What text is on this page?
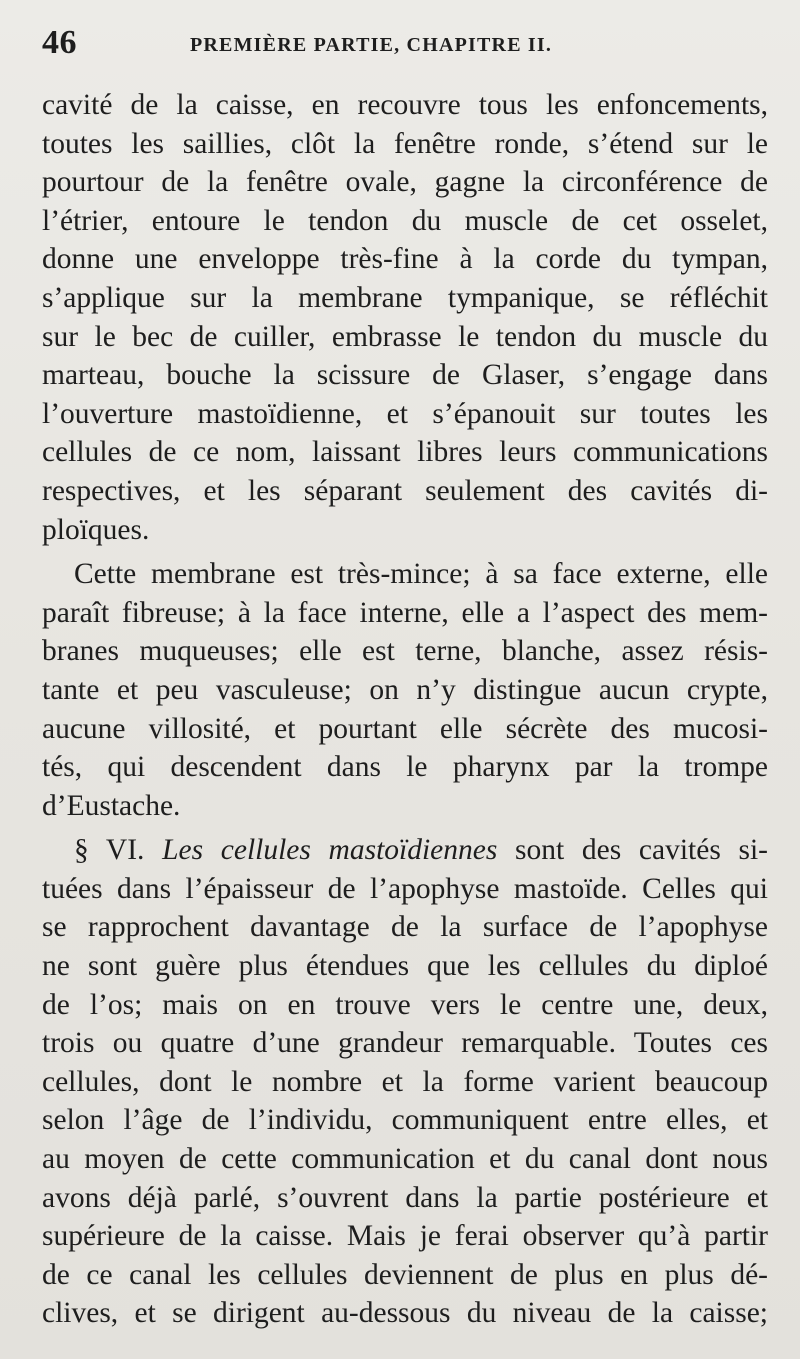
46	PREMIÈRE PARTIE, CHAPITRE II.
cavité de la caisse, en recouvre tous les enfoncements,
toutes les saillies, clôt la fenêtre ronde, s’étend sur le
pourtour de la fenêtre ovale, gagne la circonférence de
l’étrier, entoure le tendon du muscle de cet osselet,
donne une enveloppe très-fine à la corde du tympan,
s’applique sur la membrane tympanique, se réfléchit
sur le bec de cuiller, embrasse le tendon du muscle du
marteau, bouche la scissure de Glaser, s’engage dans
l’ouverture mastoïdienne, et s’épanouit sur toutes les
cellules de ce nom, laissant libres leurs communications
respectives, et les séparant seulement des cavités di-
ploïques.
Cette membrane est très-mince; à sa face externe, elle
paraît fibreuse; à la face interne, elle a l’aspect des mem-
branes muqueuses; elle est terne, blanche, assez résis-
tante et peu vasculeuse; on n’y distingue aucun crypte,
aucune villosité, et pourtant elle sécrète des mucosi-
tés, qui descendent dans le pharynx par la trompe
d’Eustache.
§ VI. Les cellules mastoïdiennes sont des cavités si-
tuées dans l’épaisseur de l’apophyse mastoïde. Celles qui
se rapprochent davantage de la surface de l’apophyse
ne sont guère plus étendues que les cellules du diploé
de l’os; mais on en trouve vers le centre une, deux,
trois ou quatre d’une grandeur remarquable. Toutes ces
cellules, dont le nombre et la forme varient beaucoup
selon l’âge de l’individu, communiquent entre elles, et
au moyen de cette communication et du canal dont nous
avons déjà parlé, s’ouvrent dans la partie postérieure et
supérieure de la caisse. Mais je ferai observer qu’à partir
de ce canal les cellules deviennent de plus en plus dé-
clives, et se dirigent au-dessous du niveau de la caisse;
